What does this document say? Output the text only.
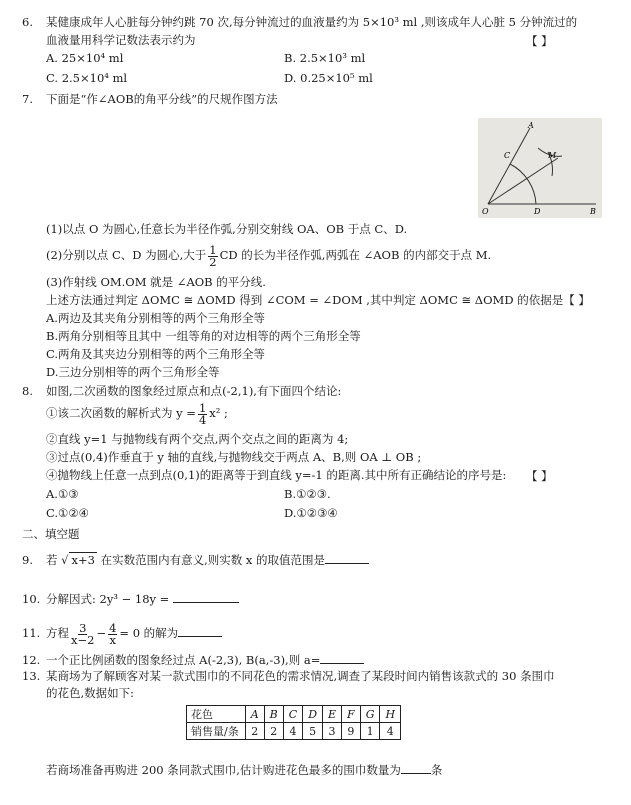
6. 某健康成年人心脏每分钟约跳 70 次,每分钟流过的血液量约为 5×10³ ml ,则该成年人心脏 5 分钟流过的
血液量用科学记数法表示约为	【 】
A. 25×10⁴ ml	B. 2.5×10³ ml
C. 2.5×10⁴ ml	D. 0.25×10⁵ ml
7. 下面是“作∠AOB的角平分线”的尺规作图方法
A
C	M
O	D	B
(1)以点 O 为圆心,任意长为半径作弧,分别交射线 OA、OB 于点 C、D.
(2)分别以点 C、D 为圆心,大于 $\frac{1}{2}$ CD 的长为半径作弧,两弧在 ∠AOB 的内部交于点 M.
(3)作射线 OM.OM 就是 ∠AOB 的平分线.
上述方法通过判定 ΔOMC ≅ ΔOMD 得到 ∠COM = ∠DOM ,其中判定 ΔOMC ≅ ΔOMD 的依据是【 】
A.两边及其夹角分别相等的两个三角形全等
B.两角分别相等且其中 一组等角的对边相等的两个三角形全等
C.两角及其夹边分别相等的两个三角形全等
D.三边分别相等的两个三角形全等
8. 如图,二次函数的图象经过原点和点(-2,1),有下面四个结论:
①该二次函数的解析式为 $y = \frac{1}{4} x^2$ ;
②直线 y=1 与抛物线有两个交点,两个交点之间的距离为 4;
③过点(0,4)作垂直于 y 轴的直线,与抛物线交于两点 A、B,则 OA ⊥ OB ;
④抛物线上任意一点到点(0,1)的距离等于到直线 y=-1 的距离.其中所有正确结论的序号是: 【 】
A.①③	B.①②③.
C.①②④	D.①②③④
二、填空题
9. 若 √ x+3 在实数范围内有意义,则实数 x 的取值范围是
10. 分解因式: 2y³ − 18y =
11. 方程 $\frac{3}{x-2} - \frac{4}{x} = 0$ 的解为
12. 一个正比例函数的图象经过点 A(-2,3), B(a,-3),则 a=
13. 某商场为了解顾客对某一款式围巾的不同花色的需求情况,调查了某段时间内销售该款式的 30 条围巾
的花色,数据如下:
花色	A	B	C	D	E	F	G	H
销售量/条	2	2	4	5	3	9	1	4
若商场准备再购进 200 条同款式围巾,估计购进花色最多的围巾数量为	条
